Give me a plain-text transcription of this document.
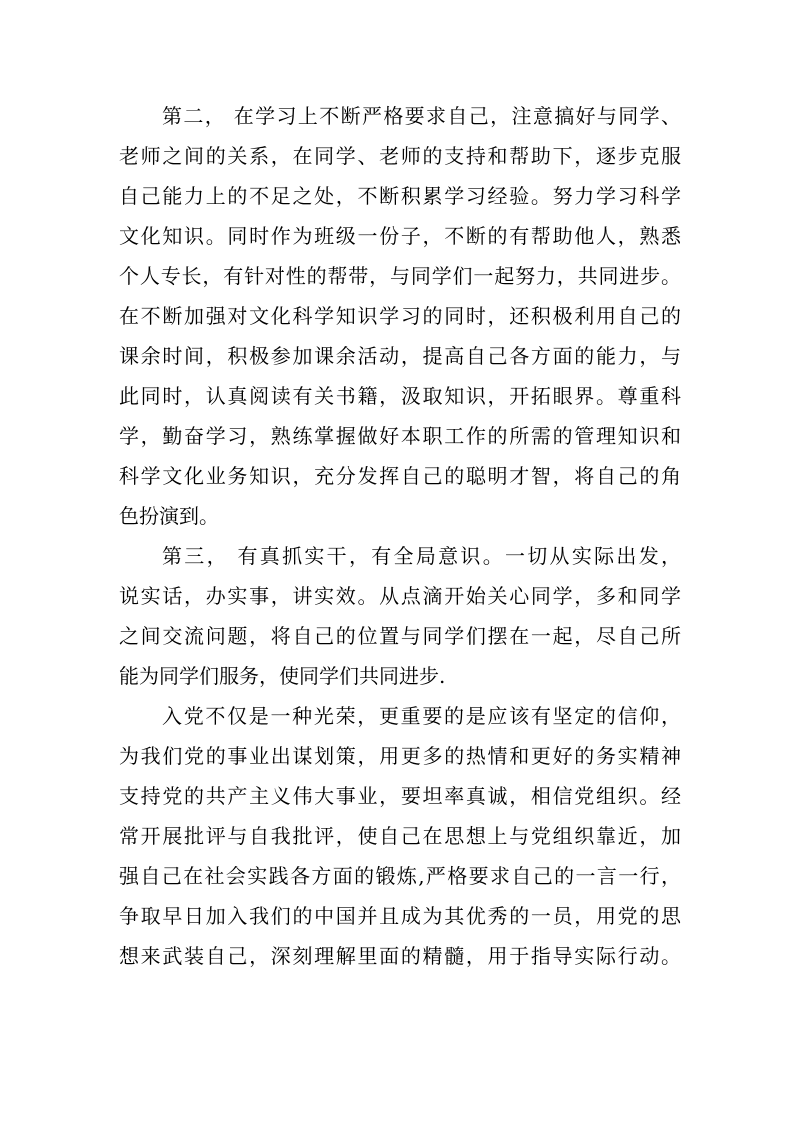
第二， 在学习上不断严格要求自己，注意搞好与同学、
老师之间的关系，在同学、老师的支持和帮助下，逐步克服
自己能力上的不足之处，不断积累学习经验。努力学习科学
文化知识。同时作为班级一份子，不断的有帮助他人，熟悉
个人专长，有针对性的帮带，与同学们一起努力，共同进步。
在不断加强对文化科学知识学习的同时，还积极利用自己的
课余时间，积极参加课余活动，提高自己各方面的能力，与
此同时，认真阅读有关书籍，汲取知识，开拓眼界。尊重科
学，勤奋学习，熟练掌握做好本职工作的所需的管理知识和
科学文化业务知识，充分发挥自己的聪明才智，将自己的角
色扮演到。
第三， 有真抓实干，有全局意识。一切从实际出发，
说实话，办实事，讲实效。从点滴开始关心同学，多和同学
之间交流问题，将自己的位置与同学们摆在一起，尽自己所
能为同学们服务，使同学们共同进步.
入党不仅是一种光荣，更重要的是应该有坚定的信仰，
为我们党的事业出谋划策，用更多的热情和更好的务实精神
支持党的共产主义伟大事业，要坦率真诚，相信党组织。经
常开展批评与自我批评，使自己在思想上与党组织靠近，加
强自己在社会实践各方面的锻炼,严格要求自己的一言一行，
争取早日加入我们的中国并且成为其优秀的一员，用党的思
想来武装自己，深刻理解里面的精髓，用于指导实际行动。
